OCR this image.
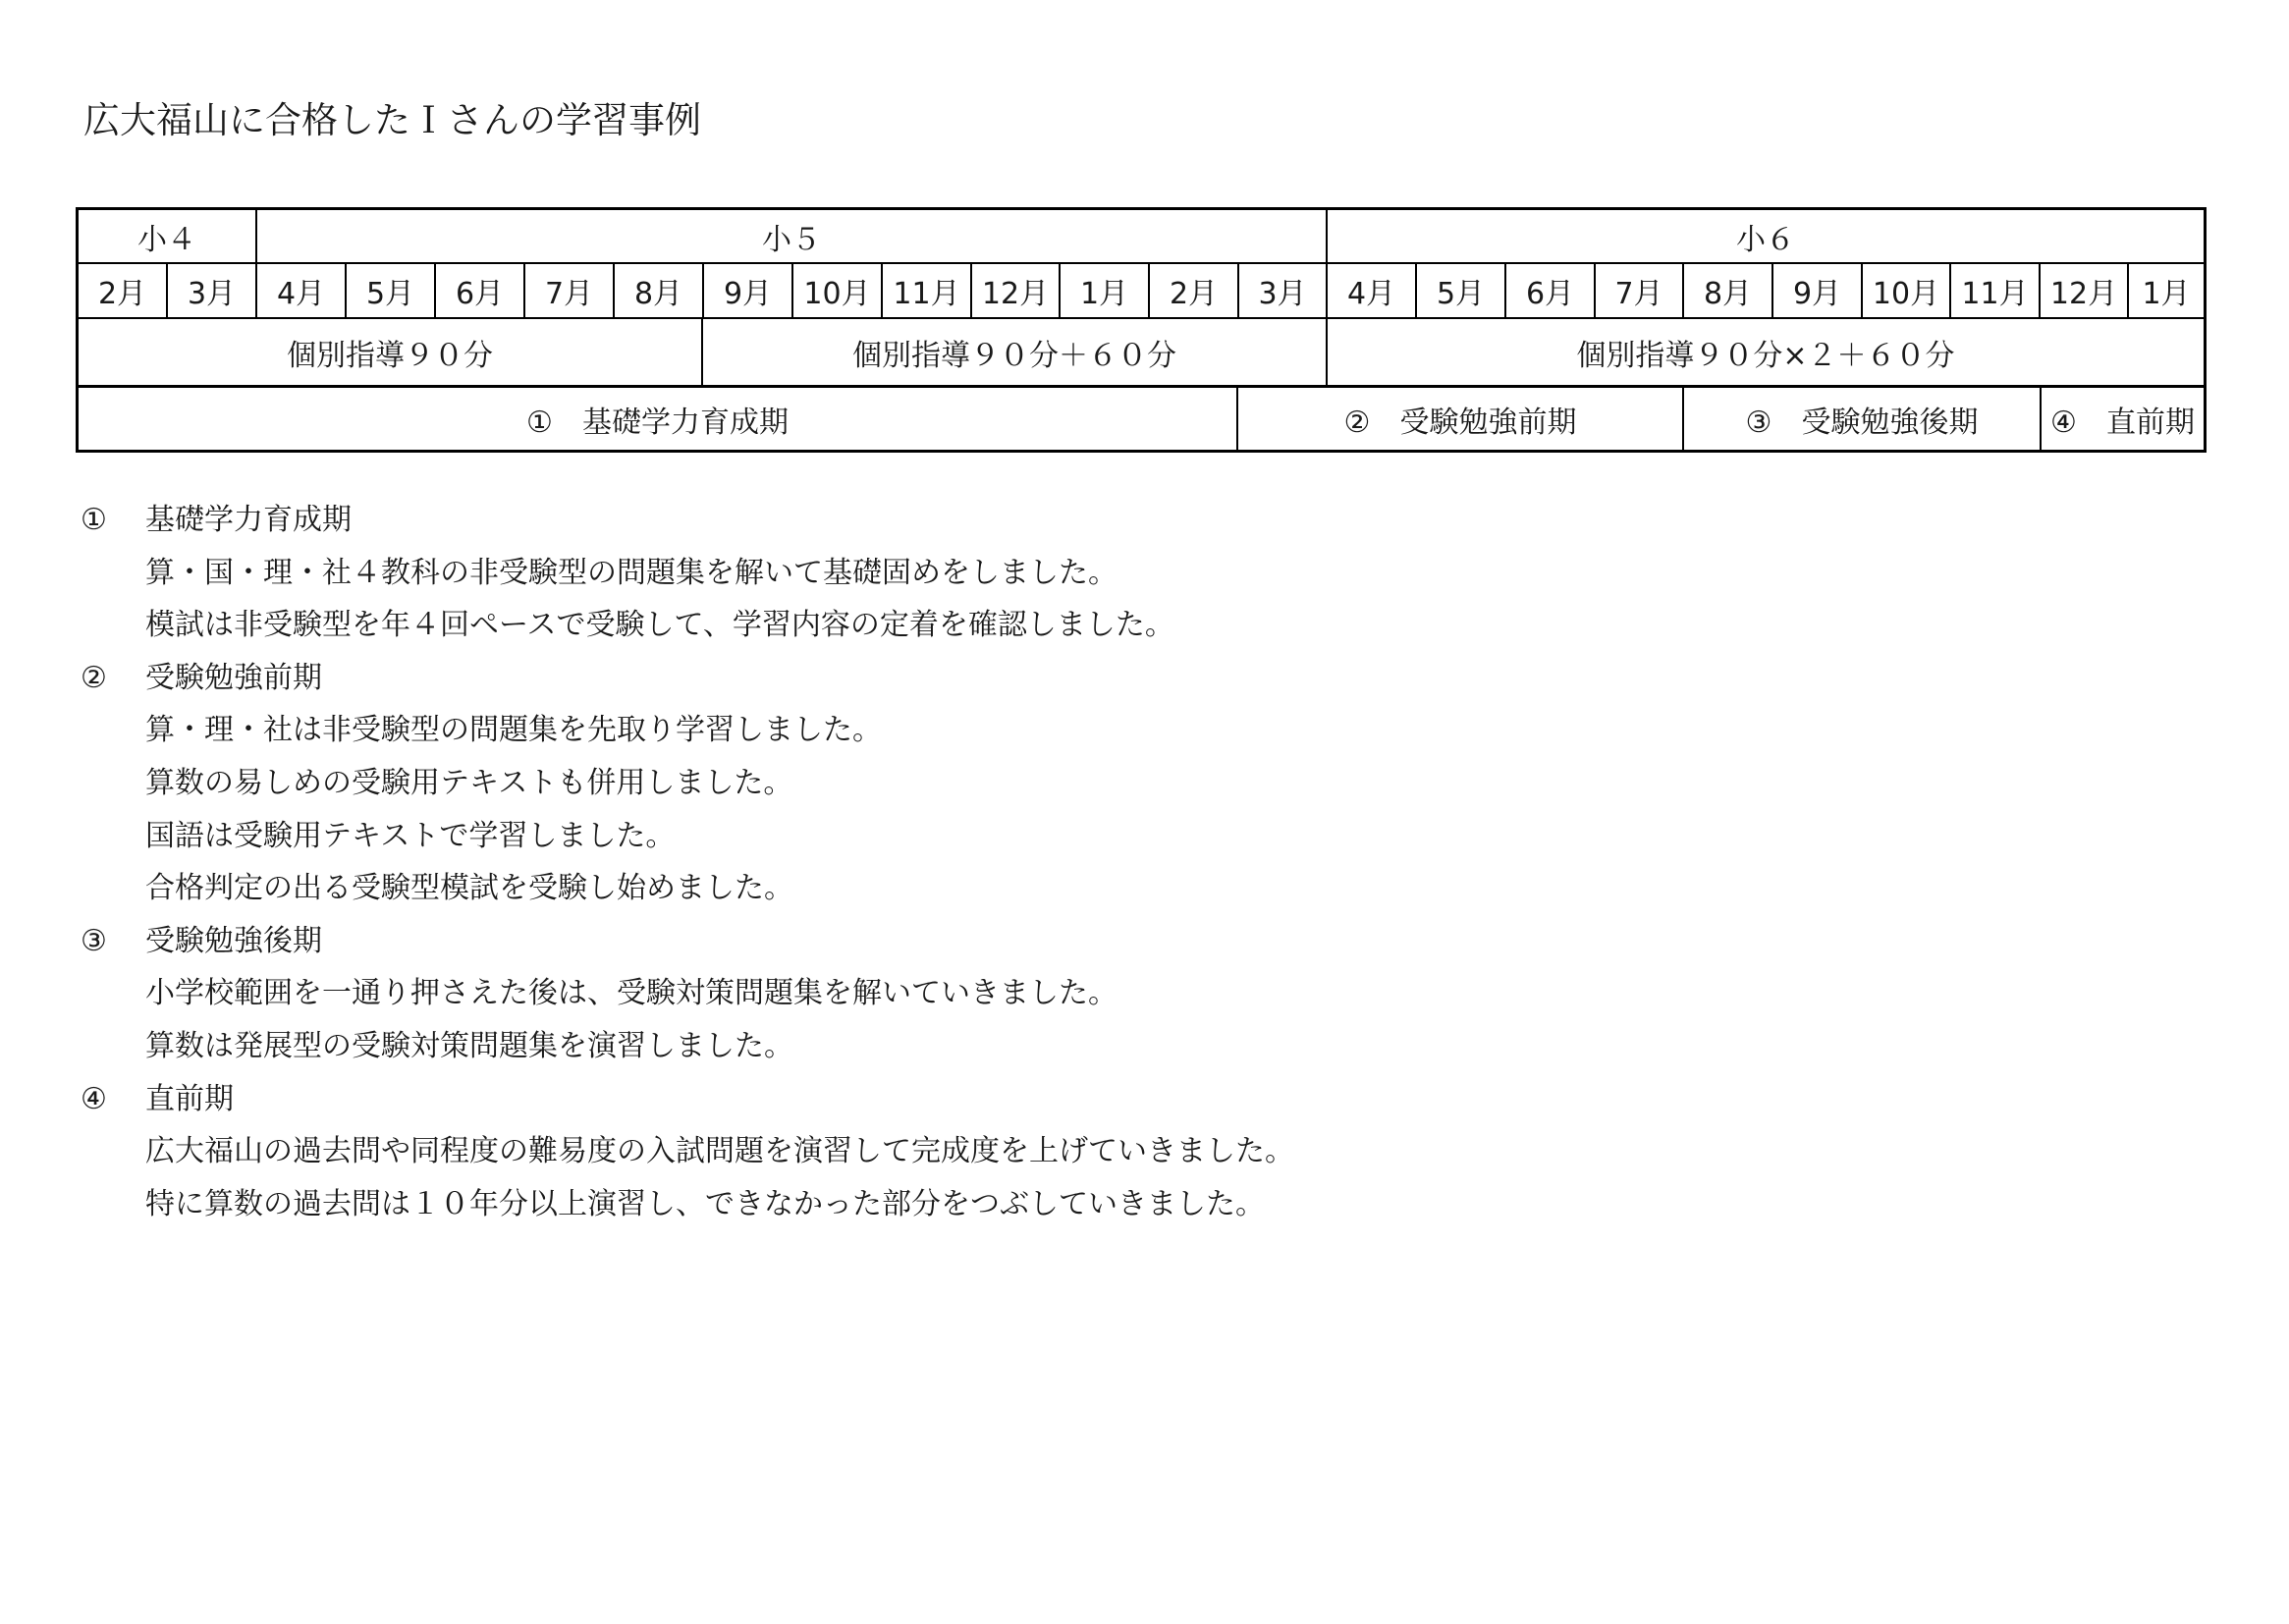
広大福山に合格したＩさんの学習事例
小４	小５	小６
2月	3月	4月	5月	6月	7月	8月	9月	10月 11月 12月	1月	2月	3月	4月	5月	6月	7月	8月	9月	10月 11月 12月 1月
個別指導９０分	個別指導９０分＋６０分	個別指導９０分×２＋６０分
①　基礎学力育成期	②　受験勉強前期	③　受験勉強後期	④　直前期
① 基礎学力育成期
算・国・理・社４教科の非受験型の問題集を解いて基礎固めをしました。
模試は非受験型を年４回ペースで受験して、学習内容の定着を確認しました。
② 受験勉強前期
算・理・社は非受験型の問題集を先取り学習しました。
算数の易しめの受験用テキストも併用しました。
国語は受験用テキストで学習しました。
合格判定の出る受験型模試を受験し始めました。
③ 受験勉強後期
小学校範囲を一通り押さえた後は、受験対策問題集を解いていきました。
算数は発展型の受験対策問題集を演習しました。
④ 直前期
広大福山の過去問や同程度の難易度の入試問題を演習して完成度を上げていきました。
特に算数の過去問は１０年分以上演習し、できなかった部分をつぶしていきました。
